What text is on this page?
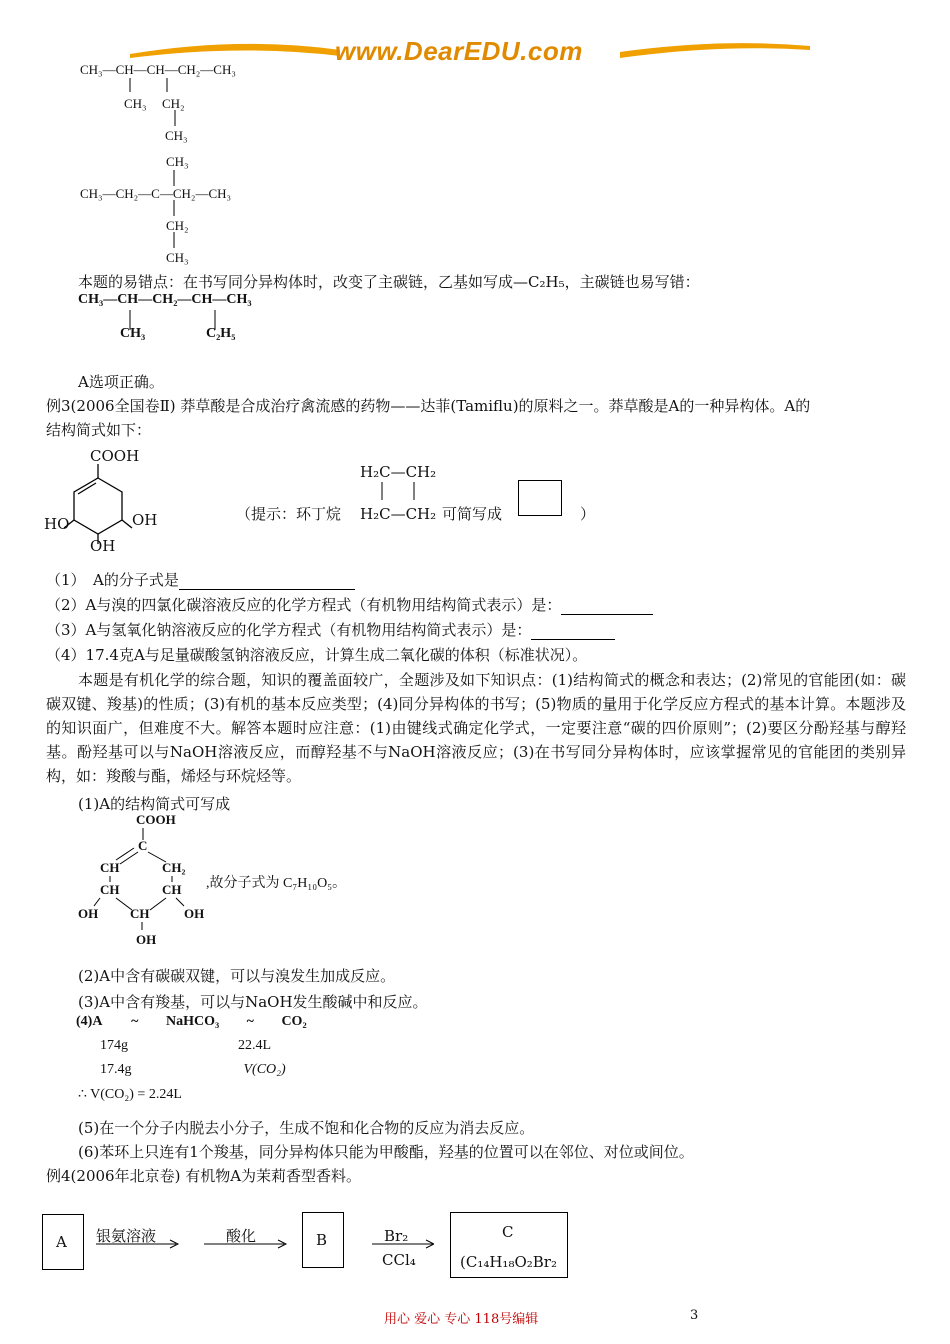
www.DearEDU.com
CH₃—CH—CH—CH₂—CH₃
CH₃ CH₂
CH₃
CH₃
CH₃—CH₂—C—CH₂—CH₃
CH₂
CH₃
本题的易错点：在书写同分异构体时，改变了主碳链，乙基如写成—C₂H₅，主碳链也易写错：
CH₃—CH—CH₂—CH—CH₃
CH₃	C₂H₅
A选项正确。
例3(2006全国卷Ⅱ) 莽草酸是合成治疗禽流感的药物——达菲(Tamiflu)的原料之一。莽草酸是A的一种异构体。A的
结构简式如下：
COOH
HO	OH
OH
（提示：环丁烷
H₂C—CH₂
H₂C—CH₂ 可简写成	）
（1）　A的分子式是
（2）A与溴的四氯化碳溶液反应的化学方程式（有机物用结构简式表示）是：
（3）A与氢氧化钠溶液反应的化学方程式（有机物用结构简式表示）是：
（4）17.4克A与足量碳酸氢钠溶液反应，计算生成二氧化碳的体积（标准状况）。
本题是有机化学的综合题，知识的覆盖面较广，全题涉及如下知识点：(1)结构简式的概念和表达；(2)常见的官能团(如：碳碳双键、羧基)的性质；(3)有机的基本反应类型；(4)同分异构体的书写；(5)物质的量用于化学反应方程式的基本计算。本题涉及的知识面广，但难度不大。解答本题时应注意：(1)由键线式确定化学式，一定要注意“碳的四价原则”；(2)要区分酚羟基与醇羟基。酚羟基可以与NaOH溶液反应，而醇羟基不与NaOH溶液反应；(3)在书写同分异构体时，应该掌握常见的官能团的类别异构，如：羧酸与酯，烯烃与环烷烃等。
(1)A的结构简式可写成
COOH
C
CH	CH₂
CH	CH
OH	OH
CH
OH
,故分子式为 C₇H₁₀O₅。
(2)A中含有碳碳双键，可以与溴发生加成反应。
(3)A中含有羧基，可以与NaOH发生酸碱中和反应。
(4)A ~ NaHCO₃ ~ CO₂
174g	22.4L
17.4g	V(CO₂)
∴ V(CO₂) = 2.24L
(5)在一个分子内脱去小分子，生成不饱和化合物的反应为消去反应。
(6)苯环上只连有1个羧基，同分异构体只能为甲酸酯，羟基的位置可以在邻位、对位或间位。
例4(2006年北京卷) 有机物A为茉莉香型香料。
A 银氨溶液	酸化	B	Br₂
CCl₄
C
(C₁₄H₁₈O₂Br₂
用心 爱心 专心 118号编辑	3
